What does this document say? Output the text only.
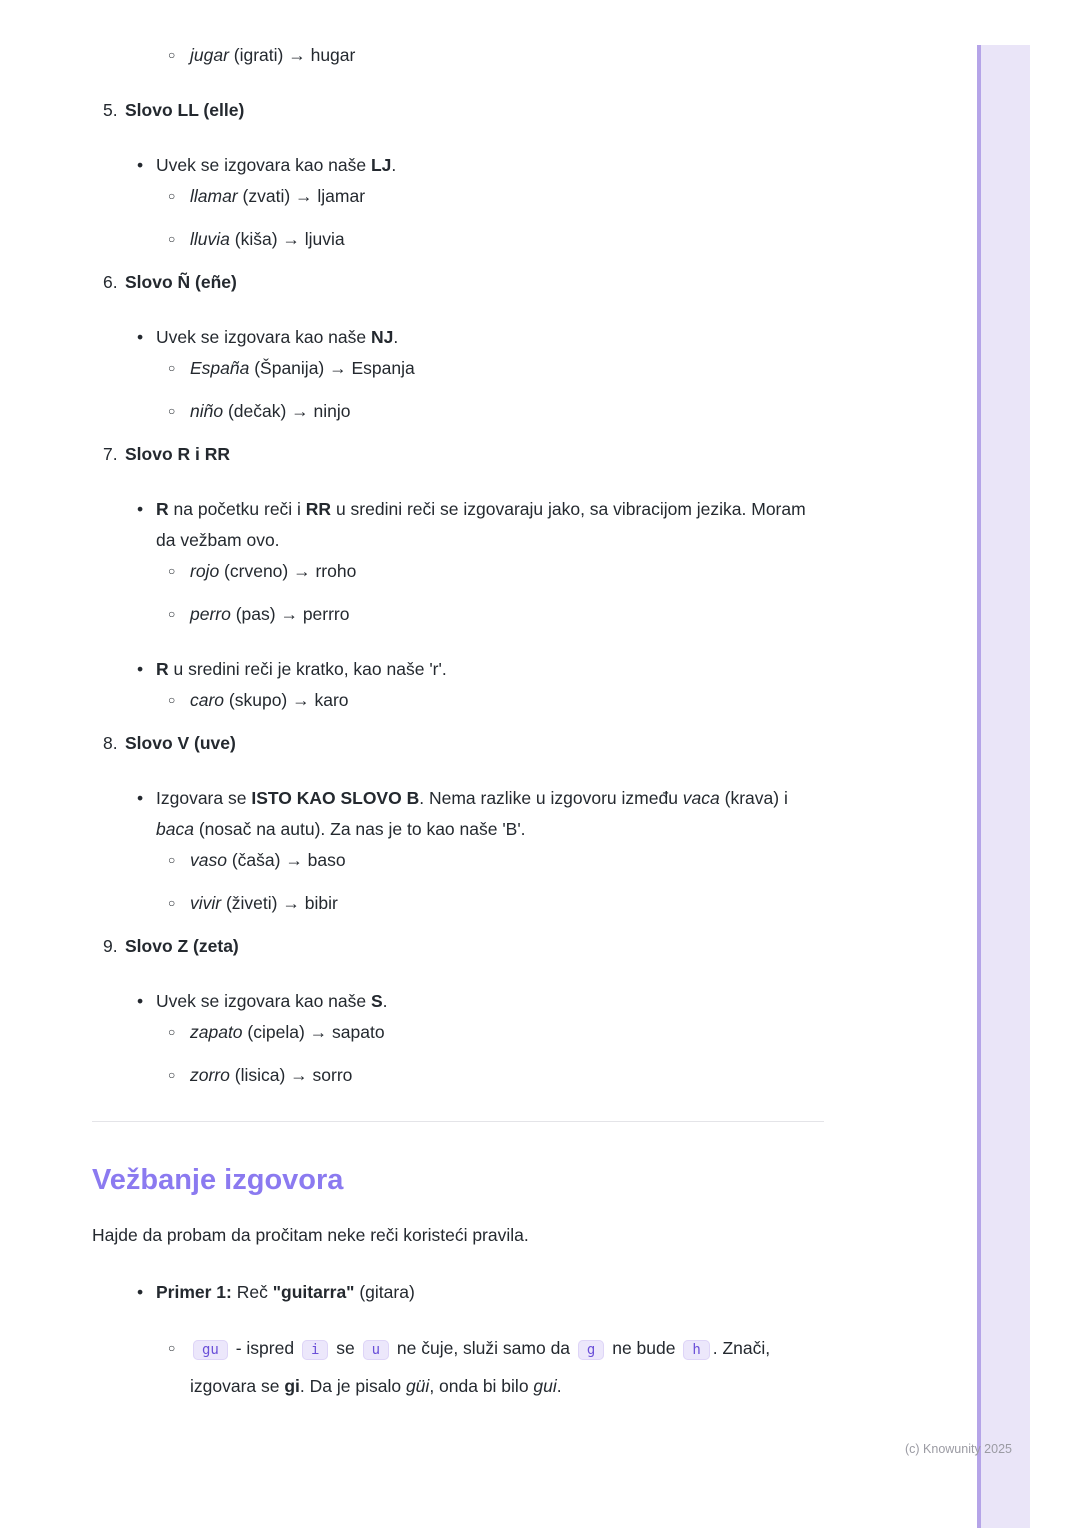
○ jugar (igrati) → hugar
5. Slovo LL (elle)
• Uvek se izgovara kao naše LJ.
○ llamar (zvati) → ljamar
○ lluvia (kiša) → ljuvia
6. Slovo Ñ (eñe)
• Uvek se izgovara kao naše NJ.
○ España (Španija) → Espanja
○ niño (dečak) → ninjo
7. Slovo R i RR
• R na početku reči i RR u sredini reči se izgovaraju jako, sa vibracijom jezika. Moram da vežbam ovo.
○ rojo (crveno) → rroho
○ perro (pas) → perrro
• R u sredini reči je kratko, kao naše 'r'.
○ caro (skupo) → karo
8. Slovo V (uve)
• Izgovara se ISTO KAO SLOVO B. Nema razlike u izgovoru između vaca (krava) i baca (nosač na autu). Za nas je to kao naše 'B'.
○ vaso (čaša) → baso
○ vivir (živeti) → bibir
9. Slovo Z (zeta)
• Uvek se izgovara kao naše S.
○ zapato (cipela) → sapato
○ zorro (lisica) → sorro
Vežbanje izgovora
Hajde da probam da pročitam neke reči koristeći pravila.
• Primer 1: Reč "guitarra" (gitara)
○	gu - ispred i se u ne čuje, služi samo da g ne bude h . Znači, izgovara se gi. Da je pisalo güi, onda bi bilo gui.
(c) Knowunity 2025
